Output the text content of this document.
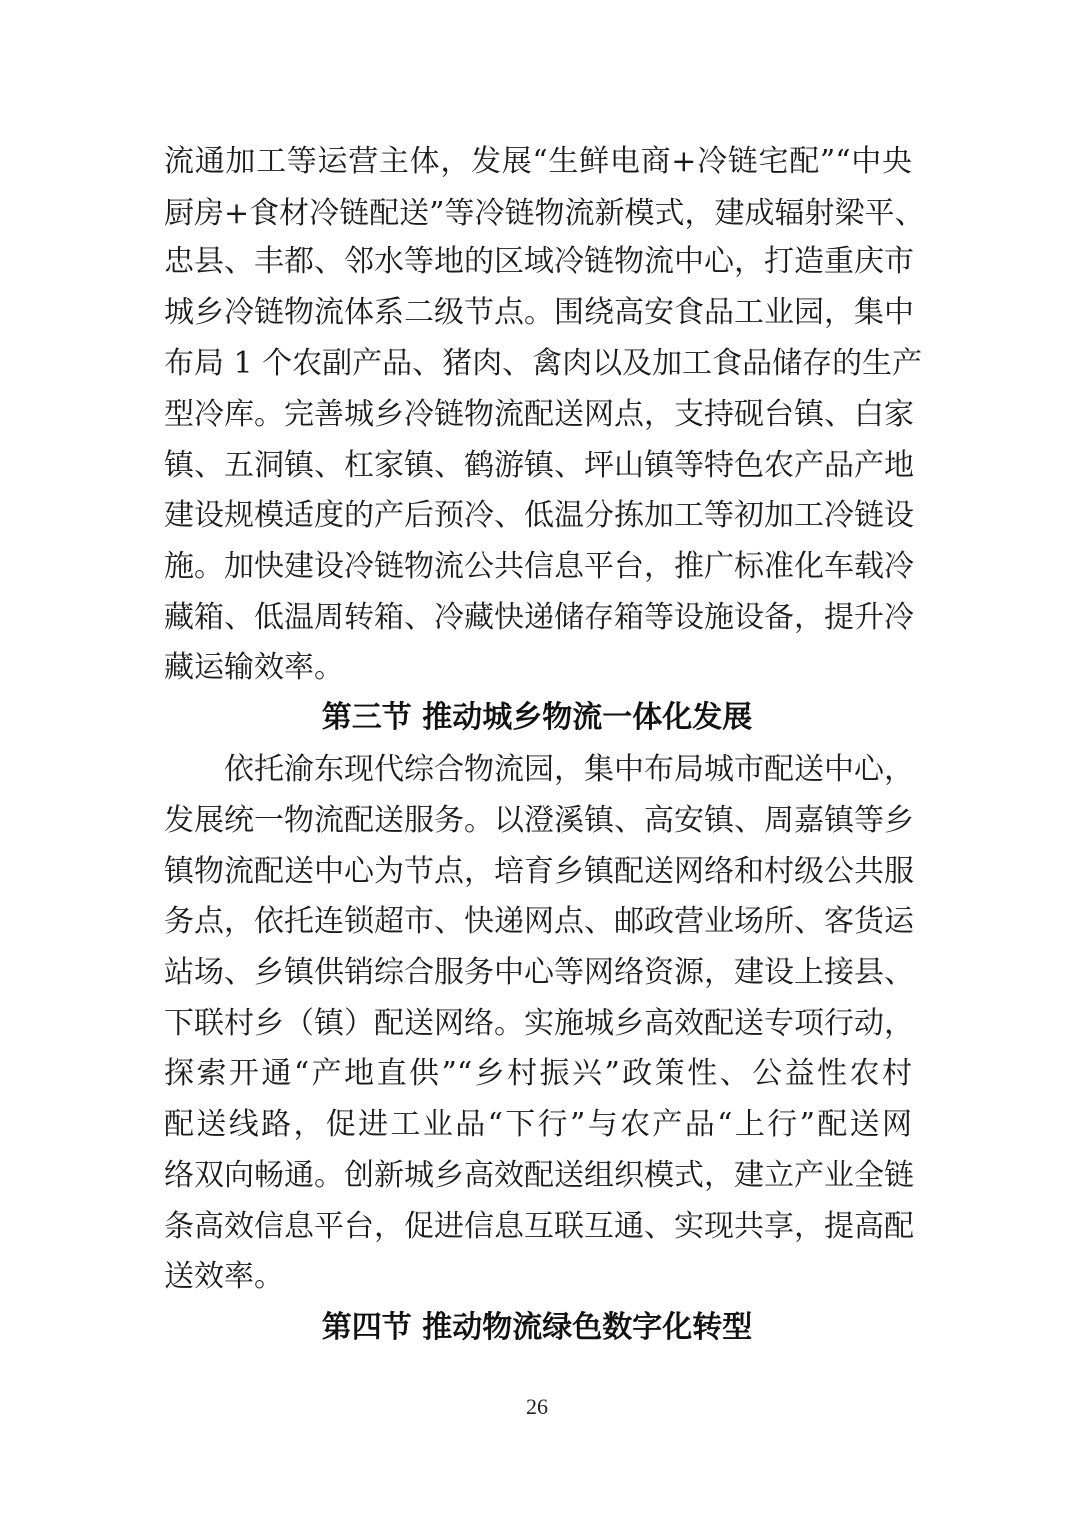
流通加工等运营主体，发展“生鲜电商+冷链宅配”“中央
厨房+食材冷链配送”等冷链物流新模式，建成辐射梁平、
忠县、丰都、邻水等地的区域冷链物流中心，打造重庆市
城乡冷链物流体系二级节点。围绕高安食品工业园，集中
布局 1 个农副产品、猪肉、禽肉以及加工食品储存的生产
型冷库。完善城乡冷链物流配送网点，支持砚台镇、白家
镇、五洞镇、杠家镇、鹤游镇、坪山镇等特色农产品产地
建设规模适度的产后预冷、低温分拣加工等初加工冷链设
施。加快建设冷链物流公共信息平台，推广标准化车载冷
藏箱、低温周转箱、冷藏快递储存箱等设施设备，提升冷
藏运输效率。
第三节 推动城乡物流一体化发展
依托渝东现代综合物流园，集中布局城市配送中心，
发展统一物流配送服务。以澄溪镇、高安镇、周嘉镇等乡
镇物流配送中心为节点，培育乡镇配送网络和村级公共服
务点，依托连锁超市、快递网点、邮政营业场所、客货运
站场、乡镇供销综合服务中心等网络资源，建设上接县、
下联村乡（镇）配送网络。实施城乡高效配送专项行动，
探索开通“产地直供”“乡村振兴”政策性、公益性农村
配送线路，促进工业品“下行”与农产品“上行”配送网
络双向畅通。创新城乡高效配送组织模式，建立产业全链
条高效信息平台，促进信息互联互通、实现共享，提高配
送效率。
第四节 推动物流绿色数字化转型
26
